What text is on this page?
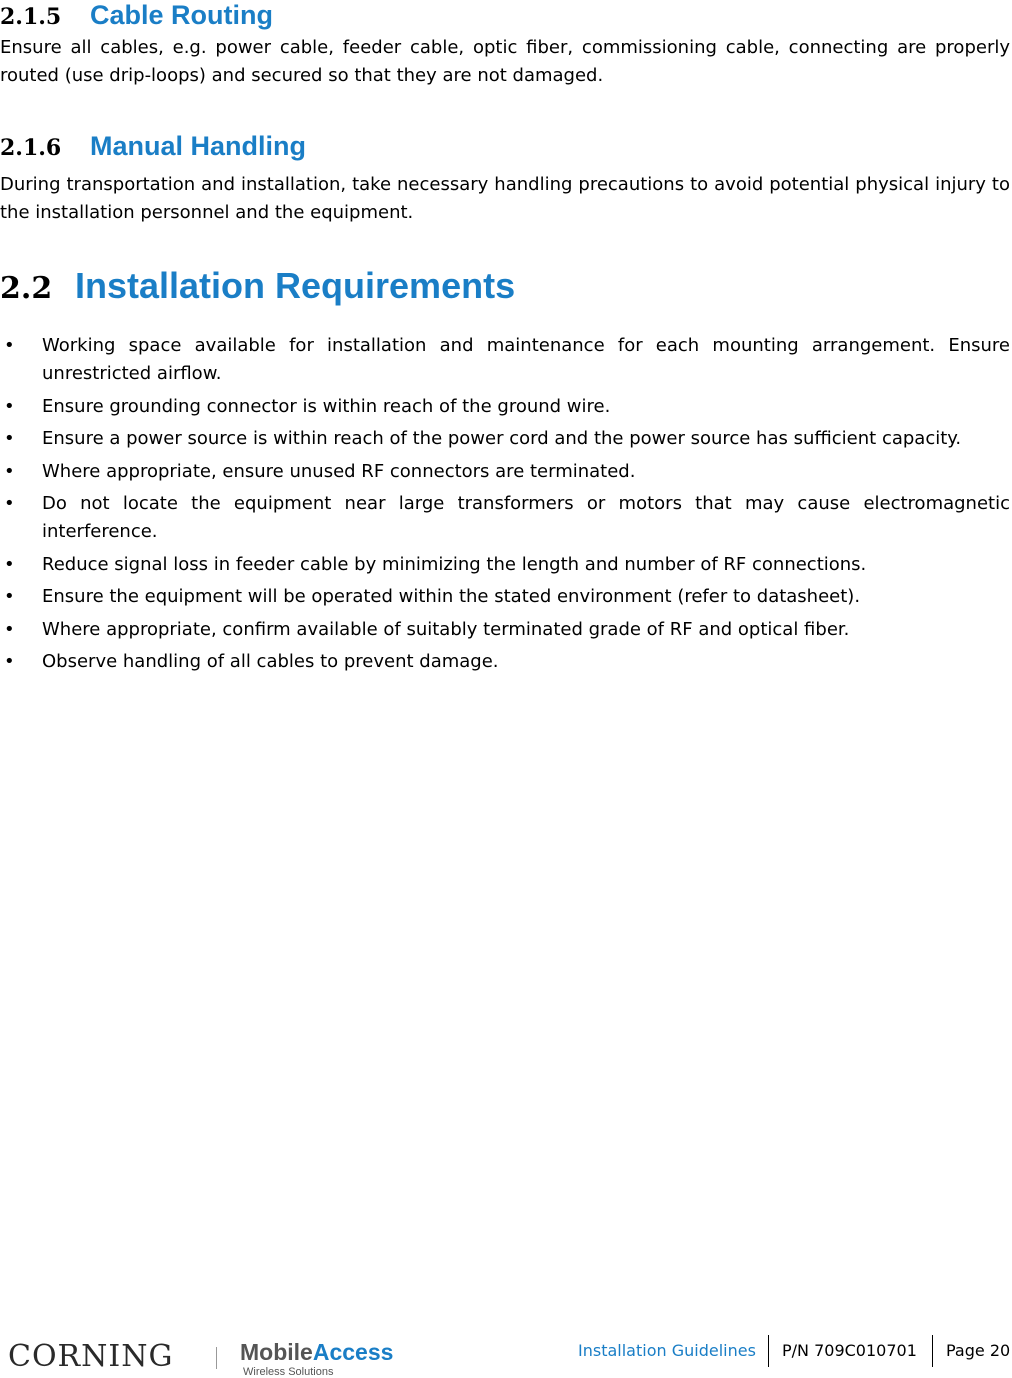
2.1.5	Cable Routing

Ensure all cables, e.g. power cable, feeder cable, optic fiber, commissioning cable, connecting are properly routed (use drip-loops) and secured so that they are not damaged.

2.1.6	Manual Handling

During transportation and installation, take necessary handling precautions to avoid potential physical injury to the installation personnel and the equipment.

2.2 Installation Requirements
• Working space available for installation and maintenance for each mounting arrangement. Ensure unrestricted airflow.
• Ensure grounding connector is within reach of the ground wire.
• Ensure a power source is within reach of the power cord and the power source has sufficient capacity.
• Where appropriate, ensure unused RF connectors are terminated.
• Do not locate the equipment near large transformers or motors that may cause electromagnetic interference.
• Reduce signal loss in feeder cable by minimizing the length and number of RF connections.
• Ensure the equipment will be operated within the stated environment (refer to datasheet).
• Where appropriate, confirm available of suitably terminated grade of RF and optical fiber.
• Observe handling of all cables to prevent damage.
CORNING	MobileAccess
Wireless Solutions
Installation Guidelines P/N 709C010701 Page 20
